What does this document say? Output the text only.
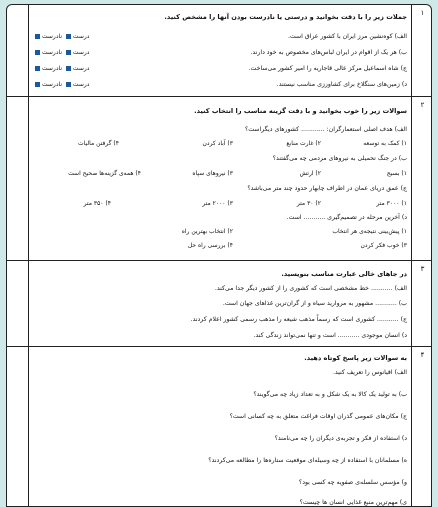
۱
جملات زیر را با دقت بخوانید و درستی یا نادرست بودن آنها را مشخص کنید.
الف) کوه‌نشین مرز ایران با کشور عراق است.
ب) هر یک از اقوام در ایران لباس‌های مخصوص به خود دارند.
ج) شاه اسماعیل مرکز عالی قاجاریه را امیر کشور می‌ساخت.
د) زمین‌های سنگلاخ برای کشاورزی مناسب نیستند.
درست نادرست
درست نادرست
درست نادرست
درست نادرست
۲
سوالات زیر را خوب بخوانید و با دقت گزینه مناسب را انتخاب کنید.
الف) هدف اصلی استعمارگران: ............ کشورهای دیگراست؟
۱) کمک به توسعه
۲) غارت منابع
۳) آباد کردن
۴) گرفتن مالیات
ب) در جنگ تحمیلی به نیروهای مردمی چه می‌گفتند؟
۱) بسیج
۲) ارتش
۳) نیروهای سپاه
۴) همه‌ی گزینه‌ها صحیح است
ج) عمق دریای عمان در اطراف چابهار حدود چند متر می‌باشد؟
۱) ۳۰۰۰ متر
۲) ۳۰ متر
۳) ۲۰۰۰ متر
۴) ۳۵۰ متر
د) آخرین مرحله در تصمیم‌گیری ........... است.
۱) پیش‌بینی نتیجه‌ی هر انتخاب
۲) انتخاب بهترین راه
۳) خوب فکر کردن
۴) بررسی راه حل
۳
در جاهای خالی عبارت مناسب بنویسید.
الف) ........... خط مشخصی است که کشوری را از کشور دیگر جدا می‌کند.
ب) ........... مشهور به مروارید سیاه و از گران‌ترین غذاهای جهان است.
ج) ........... کشوری است که رسماً مذهب شیعه را مذهب رسمی کشور اعلام کردند.
د) انسان موجودی ........... است و تنها نمی‌تواند زندگی کند.
۴
به سوالات زیر پاسخ کوتاه دهید.
الف) اقیانوس را تعریف کنید.
ب) به تولید یک کالا به یک شکل و به تعداد زیاد چه می‌گویند؟
ج) مکان‌های عمومی گذران اوقات فراغت متعلق به چه کسانی است؟
د) استفاده از فکر و تجربه‌ی دیگران را چه می‌نامند؟
ه) مسلمانان با استفاده از چه وسیله‌ای موقعیت ستاره‌ها را مطالعه می‌کردند؟
و) مؤسس سلسله‌ی صفویه چه کسی بود؟
ی) مهم‌ترین منبع غذایی انسان ها چیست؟
